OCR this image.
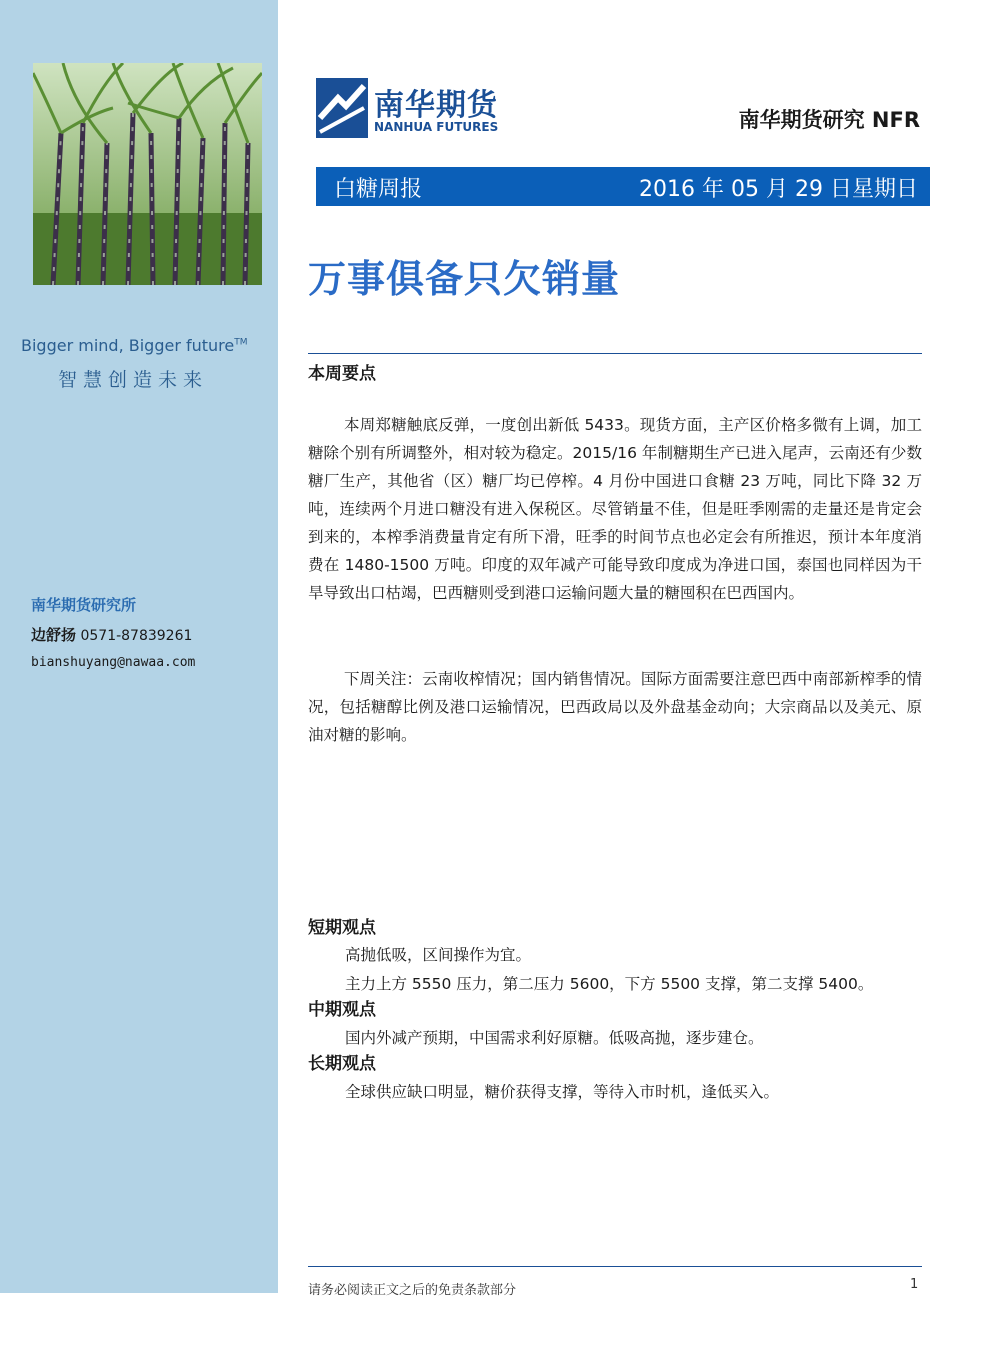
Bigger mind, Bigger future™
智慧创造未来
南华期货研究所
边舒扬 0571-87839261
bianshuyang@nawaa.com
南华期货
NANHUA FUTURES	南华期货研究 NFR
白糖周报	2016 年 05 月 29 日星期日
万事俱备只欠销量
本周要点

本周郑糖触底反弹，一度创出新低 5433。现货方面，主产区价格多微有上调，加工糖除个别有所调整外，相对较为稳定。2015/16 年制糖期生产已进入尾声，云南还有少数糖厂生产，其他省（区）糖厂均已停榨。4 月份中国进口食糖 23 万吨，同比下降 32 万吨，连续两个月进口糖没有进入保税区。尽管销量不佳，但是旺季刚需的走量还是肯定会到来的，本榨季消费量肯定有所下滑，旺季的时间节点也必定会有所推迟，预计本年度消费在 1480-1500 万吨。印度的双年减产可能导致印度成为净进口国，泰国也同样因为干旱导致出口枯竭，巴西糖则受到港口运输问题大量的糖囤积在巴西国内。

下周关注：云南收榨情况；国内销售情况。国际方面需要注意巴西中南部新榨季的情况，包括糖醇比例及港口运输情况，巴西政局以及外盘基金动向；大宗商品以及美元、原油对糖的影响。

短期观点
高抛低吸，区间操作为宜。
主力上方 5550 压力，第二压力 5600，下方 5500 支撑，第二支撑 5400。
中期观点
国内外减产预期，中国需求利好原糖。低吸高抛，逐步建仓。
长期观点
全球供应缺口明显，糖价获得支撑，等待入市时机，逢低买入。
请务必阅读正文之后的免责条款部分	1
